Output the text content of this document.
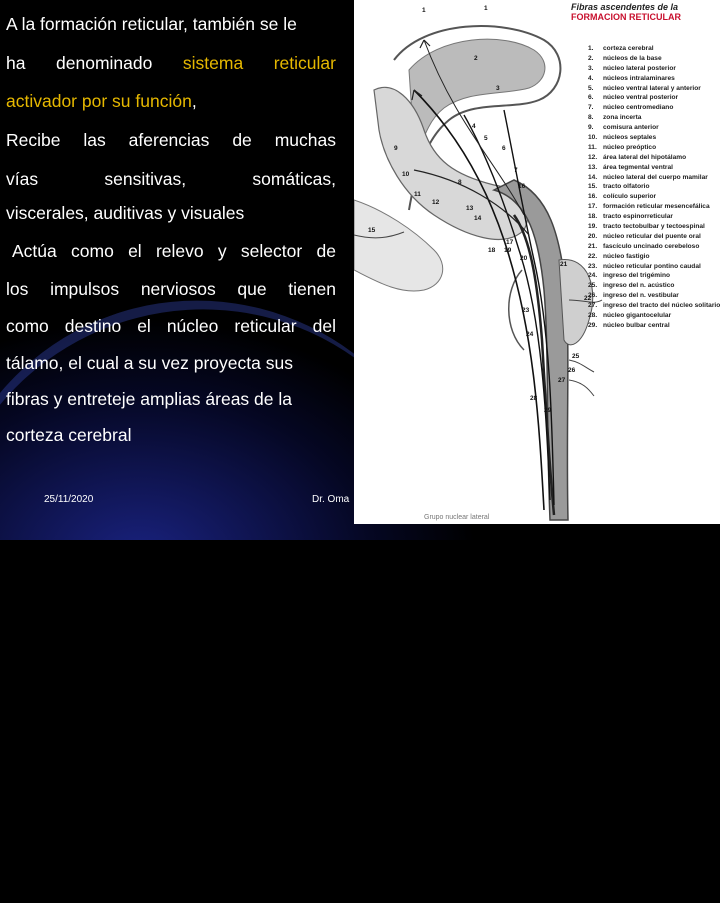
A la formación reticular, también se le
ha denominado sistema reticular
activador por su función,
Recibe las aferencias de muchas
vías	sensitivas,	somáticas,
viscerales, auditivas y visuales
Actúa como el relevo y selector de
los impulsos nerviosos que tienen
como destino el núcleo reticular del
tálamo, el cual a su vez proyecta sus
fibras y entreteje amplias áreas de la
corteza cerebral
25/11/2020	Dr. Oma
1	1
2
3
4
5
6
7
8
9
10
11
12
13
14
15
16
17
18 19
20
21
22
23
24
25
26
27
28
29
Fibras ascendentes de la
FORMACION RETICULAR
1. corteza cerebral
2. núcleos de la base
3. núcleo lateral posterior
4. núcleos intralaminares
5. núcleo ventral lateral y anterior
6. núcleo ventral posterior
7. núcleo centromediano
8. zona incerta
9. comisura anterior
10. núcleos septales
11. núcleo preóptico
12. área lateral del hipotálamo
13. área tegmental ventral
14. núcleo lateral del cuerpo mamilar
15. tracto olfatorio
16. colículo superior
17. formación reticular mesencefálica
18. tracto espinorreticular
19. tracto tectobulbar y tectoespinal
20. núcleo reticular del puente oral
21. fascículo uncinado cerebeloso
22. núcleo fastigio
23. núcleo reticular pontino caudal
24. ingreso del trigémino
25. ingreso del n. acústico
26. ingreso del n. vestibular
27. ingreso del tracto del núcleo solitario
28. núcleo gigantocelular
29. núcleo bulbar central
Grupo nuclear lateral
